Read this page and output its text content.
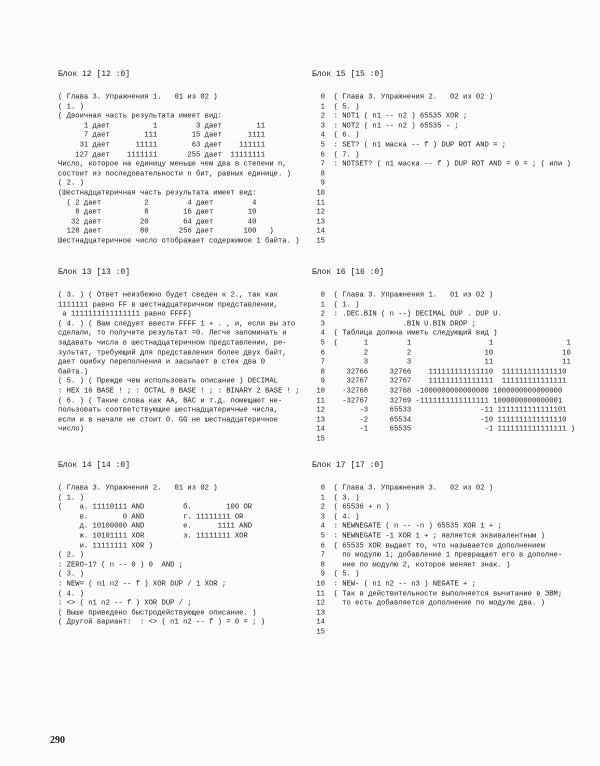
Блок 12 [12 :0]
( Глава 3. Упражнения 1.   01 из 02 )
( 1. )
( Двоичная часть результата имеет вид:
1 дает          1         3 дает        11
7 дает        111        15 дает      1111
31 дает      11111        63 дает    111111
127 дает    1111111       255 дает  11111111
Число, которое на единицу меньше чем два в степени n,
состоит из последовательности n бит, равных единице. )
( 2. )
(Шестнадцатеричная часть результата имеет вид:
( 2 дает          2         4 дает         4
8 дает          8        16 дает        10
32 дает         20        64 дает        40
128 дает         80       256 дает       100   )
Шестнадцатеричное число отображает содержимое 1 байта. )
Блок 15 [15 :0]
0  ( Глава 3. Упражнения 2.   02 из 02 )
1  ( 5. )
2  : NOT1 ( n1 -- n2 ) 65535 XOR ;
3  : NOT2 ( n1 -- n2 ) 65535 - ;
4  ( 6. )
5  : SET? ( n1 маска -- f ) DUP ROT AND = ;
6  ( 7. )
7  : NOTSET? ( n1 маска -- f ) DUP ROT AND = 0 = ; ( или )
8
9
10
11
12
13
14
15
Блок 13 [13 :0]
( 3. ) ( Ответ неизбежно будет сведен к 2., так как
1111111 равно FF в шестнадцатеричном представлении,
а 1111111111111111 равно FFFF)
( 4. ) ( Вам следует ввести FFFF 1 + . , и, если вы это
сделали, то получите результат =0. Легче запоминать и
задавать числа в шестнадцатеричном представлении, ре-
зультат, требующий для представления более двух байт,
дает ошибку переполнения и засылает в стек два 0
байта.)
( 5. ) ( Прежде чем использовать описание ) DECIMAL
: HEX 16 BASE ! ; : OCTAL 8 BASE ! ; : BINARY 2 BASE ! ;
( 6. ) ( Такие слова как AA, BAC и т.д. помещают не-
пользовать соответствующие шестнадцатеричные числа,
если и в начале не стоит 0. GG не шестнадцатеричное
число)
Блок 16 [16 :0]
0  ( Глава 3. Упражнения 1.   01 из 02 )
1  ( 1. )
2  : .DEC.BIN ( n --) DECIMAL DUP . DUP U.
3                  .BIN U.BIN DROP ;
4  ( Таблица должна иметь следующий вид )
5  (      1         1                  1                 1
6         2         2                 10                10
7         3         3                 11                11
8     32766     32766    111111111111110  111111111111110
9     32767     32767    111111111111111  111111111111111
10    -32768     32768 -1000000000000000 1000000000000000
11    -32767     32769 -1111111111111111 1000000000000001
12        -3     65533                -11 1111111111111101
13        -2     65534                -10 1111111111111110
14        -1     65535                 -1 1111111111111111 )
15
Блок 14 [14 :0]
( Глава 3. Упражнения 2.   01 из 02 )
( 1. )
(    а. 11110111 AND         б.        100 OR
в.        0 AND         г. 11111111 OR
д. 10100000 AND         е.      1111 AND
ж. 10101111 XOR         з. 11111111 XOR
и. 11111111 XOR )
( 2. )
: ZERO-1? ( n -- 0 ) 0  AND ;
( 3. )
: NEW= ( n1 n2 -- f ) XOR DUP / 1 XOR ;
( 4. )
: <> ( n1 n2 -- f ) XOR DUP / ;
( Выше приведено быстродействующее описание. )
( Другой вариант:  : <> ( n1 n2 -- f ) = 0 = ; )
Блок 17 [17 :0]
0  ( Глава 3. Упражнения 3.   02 из 02 )
1  ( 3. )
2  ( 65536 + n )
3  ( 4. )
4  : NEWNEGATE ( n -- -n ) 65535 XOR 1 + ;
5  : NEWNEGATE -1 XOR 1 + ; является эквивалентным )
6  ( 65535 XOR выдает то, что называется дополнением
7    по модулю 1; добавление 1 превращает его в дополне-
8    ние по модулю 2, которое меняет знак. )
9  ( 5. )
10  : NEW- ( n1 n2 -- n3 ) NEGATE + ;
11  ( Так в действительности выполняется вычитание в ЭВМ;
12    то есть добавляется дополнение по модулю два. )
13
14
15
290
